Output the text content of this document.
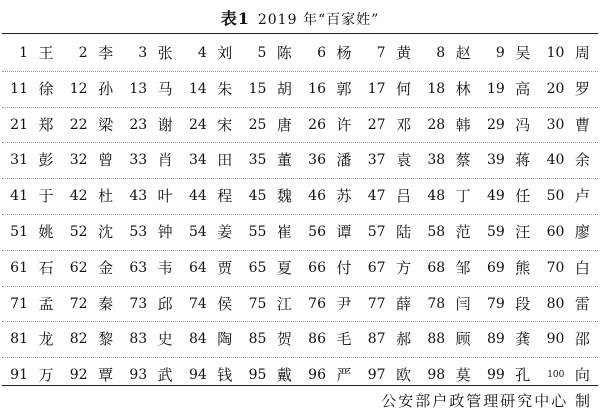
表1 2019 年“百家姓”
1 王	2 李	3 张	4 刘	5 陈	6 杨	7 黄	8 赵	9 吴	10 周
11 徐	12 孙	13 马	14 朱	15 胡	16 郭	17 何	18 林	19 高	20 罗
21 郑	22 梁	23 谢	24 宋	25 唐	26 许	27 邓	28 韩	29 冯	30 曹
31 彭	32 曾	33 肖	34 田	35 董	36 潘	37 袁	38 蔡	39 蒋	40 余
41 于	42 杜	43 叶	44 程	45 魏	46 苏	47 吕	48 丁	49 任	50 卢
51 姚	52 沈	53 钟	54 姜	55 崔	56 谭	57 陆	58 范	59 汪	60 廖
61 石	62 金	63 韦	64 贾	65 夏	66 付	67 方	68 邹	69 熊	70 白
71 孟	72 秦	73 邱	74 侯	75 江	76 尹	77 薛	78 闫	79 段	80 雷
81 龙	82 黎	83 史	84 陶	85 贺	86 毛	87 郝	88 顾	89 龚	90 邵
91 万	92 覃	93 武	94 钱	95 戴	96 严	97 欧	98 莫	99 孔	100 向
公安部户政管理研究中心 制
